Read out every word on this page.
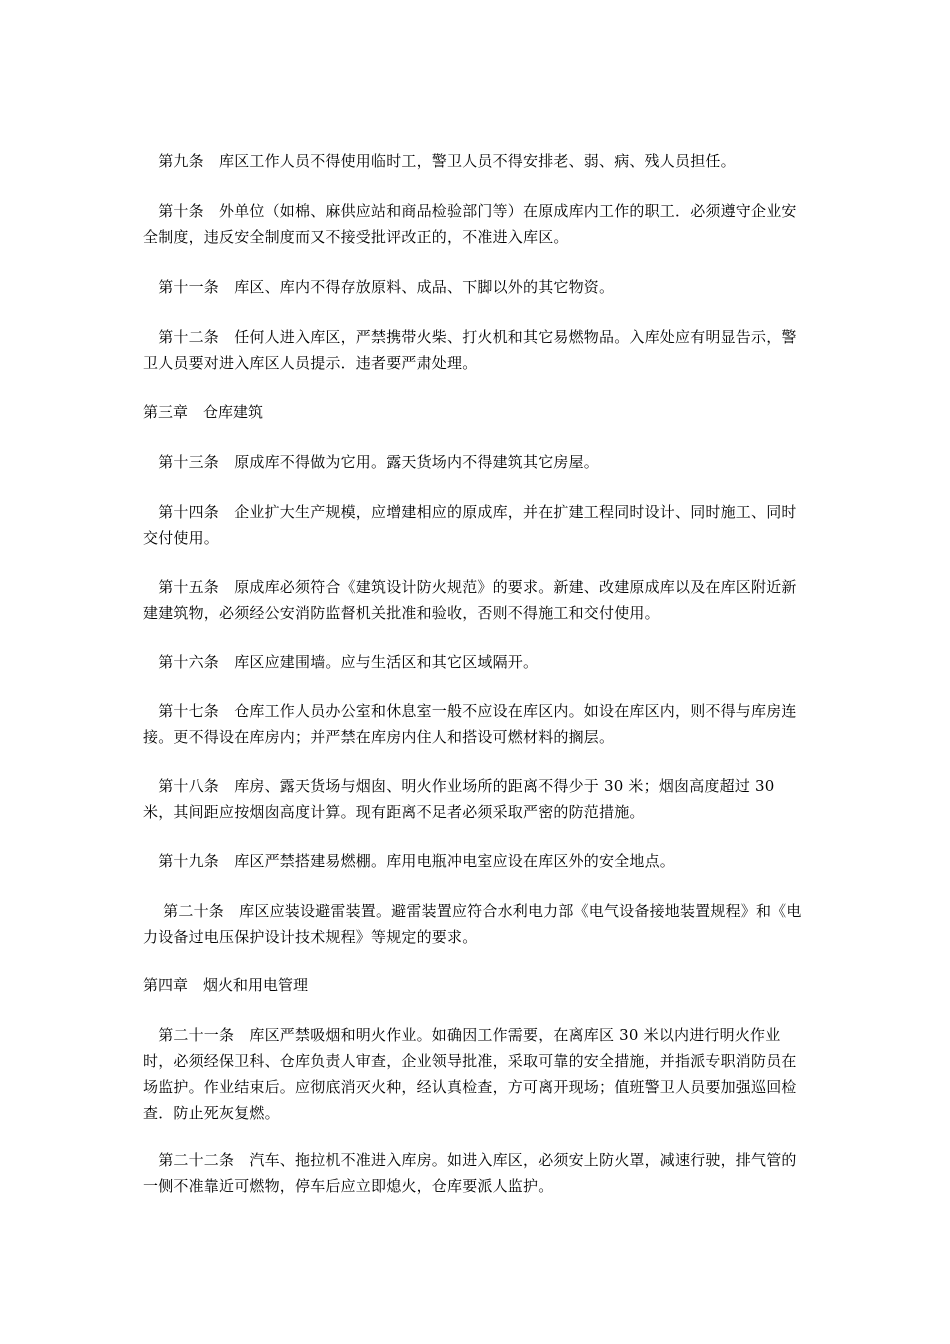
　第九条　库区工作人员不得使用临时工，警卫人员不得安排老、弱、病、残人员担任。

　第十条　外单位（如棉、麻供应站和商品检验部门等）在原成库内工作的职工．必须遵守企业安全制度，违反安全制度而又不接受批评改正的，不准进入库区。

　第十一条　库区、库内不得存放原料、成品、下脚以外的其它物资。

　第十二条　任何人进入库区，严禁携带火柴、打火机和其它易燃物品。入库处应有明显告示，警卫人员要对进入库区人员提示．违者要严肃处理。

第三章　仓库建筑

　第十三条　原成库不得做为它用。露天货场内不得建筑其它房屋。

　第十四条　企业扩大生产规模，应增建相应的原成库，并在扩建工程同时设计、同时施工、同时交付使用。

　第十五条　原成库必须符合《建筑设计防火规范》的要求。新建、改建原成库以及在库区附近新建建筑物，必须经公安消防监督机关批准和验收，否则不得施工和交付使用。

　第十六条　库区应建围墙。应与生活区和其它区域隔开。

　第十七条　仓库工作人员办公室和休息室一般不应设在库区内。如设在库区内，则不得与库房连接。更不得设在库房内；并严禁在库房内住人和搭设可燃材料的搁层。

　第十八条　库房、露天货场与烟囱、明火作业场所的距离不得少于 30 米；烟囱高度超过 30 米，其间距应按烟囱高度计算。现有距离不足者必须采取严密的防范措施。

　第十九条　库区严禁搭建易燃棚。库用电瓶冲电室应设在库区外的安全地点。

　 第二十条　库区应装设避雷装置。避雷装置应符合水利电力部《电气设备接地装置规程》和《电力设备过电压保护设计技术规程》等规定的要求。

第四章　烟火和用电管理

　第二十一条　库区严禁吸烟和明火作业。如确因工作需要，在离库区 30 米以内进行明火作业时，必须经保卫科、仓库负责人审查，企业领导批准，采取可靠的安全措施，并指派专职消防员在场监护。作业结束后。应彻底消灭火种，经认真检查，方可离开现场；值班警卫人员要加强巡回检查．防止死灰复燃。

　第二十二条　汽车、拖拉机不准进入库房。如进入库区，必须安上防火罩，减速行驶，排气管的一侧不准靠近可燃物，停车后应立即熄火，仓库要派人监护。
